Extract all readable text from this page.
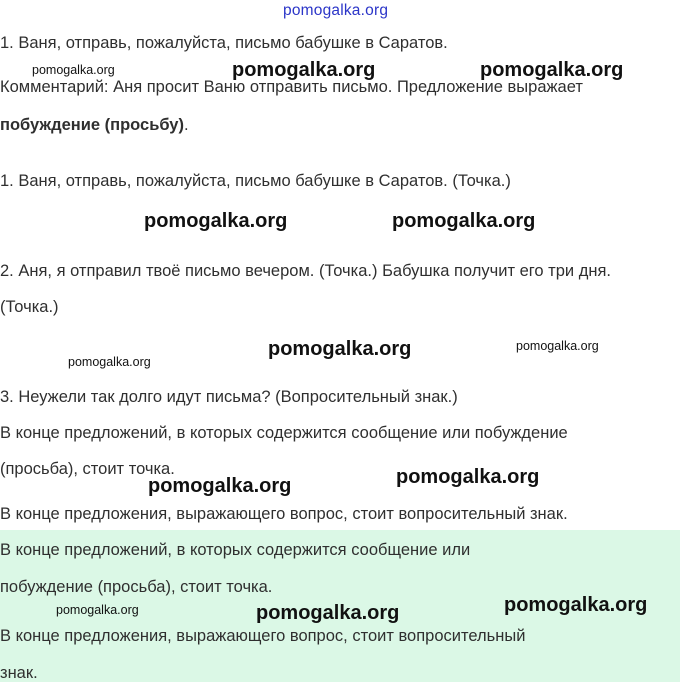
pomogalka.org
1. Ваня, отправь, пожалуйста, письмо бабушке в Саратов.
Комментарий: Аня просит Ваню отправить письмо. Предложение выражает
побуждение (просьбу).
1. Ваня, отправь, пожалуйста, письмо бабушке в Саратов. (Точка.)
2. Аня, я отправил твоё письмо вечером. (Точка.) Бабушка получит его три дня.
(Точка.)
3. Неужели так долго идут письма? (Вопросительный знак.)
В конце предложений, в которых содержится сообщение или побуждение
(просьба), стоит точка.
В конце предложения, выражающего вопрос, стоит вопросительный знак.
В конце предложений, в которых содержится сообщение или
побуждение (просьба), стоит точка.
В конце предложения, выражающего вопрос, стоит вопросительный
знак.
pomogalka.org	pomogalka.org	pomogalka.org
pomogalka.org	pomogalka.org
pomogalka.org
pomogalka.org	pomogalka.org
pomogalka.org	pomogalka.org
pomogalka.org	pomogalka.org	pomogalka.org
